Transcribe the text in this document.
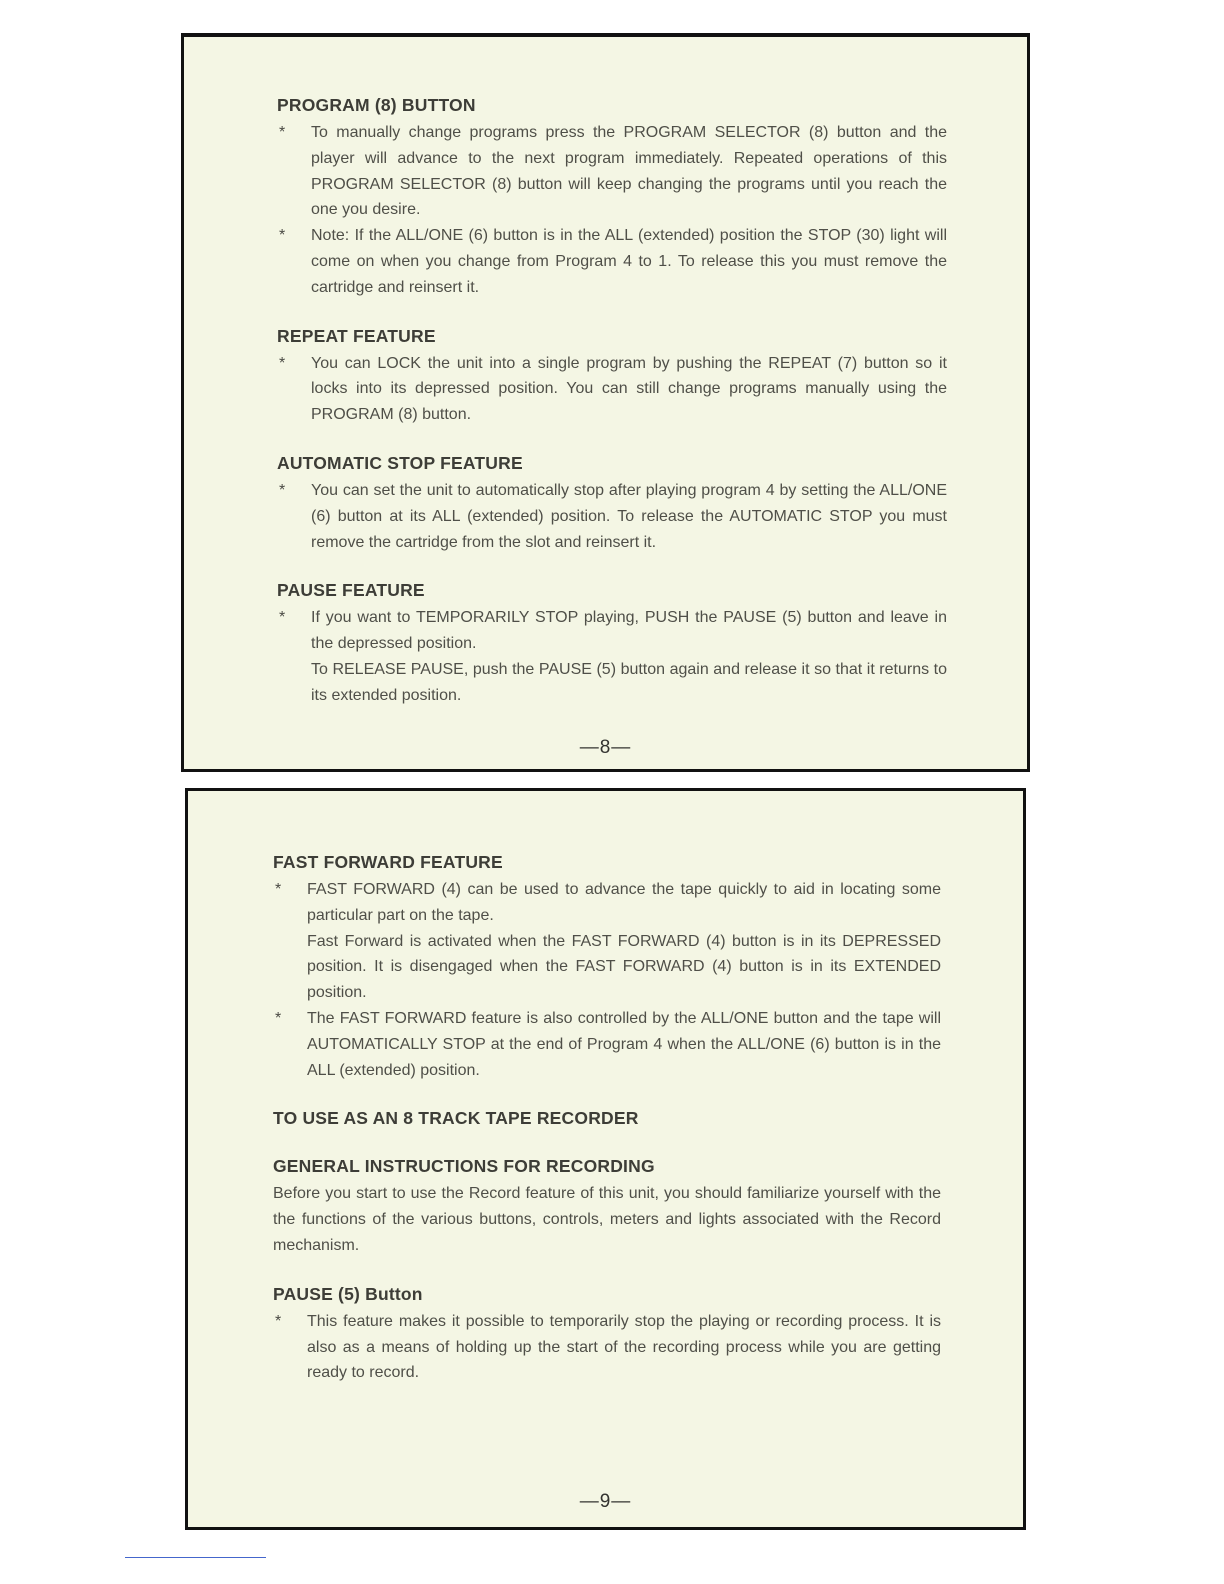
PROGRAM (8) BUTTON
* To manually change programs press the PROGRAM SELECTOR (8) button and the player will advance to the next program immediately. Repeated operations of this PROGRAM SELECTOR (8) button will keep changing the programs until you reach the one you desire.

* Note: If the ALL/ONE (6) button is in the ALL (extended) position the STOP (30) light will come on when you change from Program 4 to 1. To release this you must remove the cartridge and reinsert it.

REPEAT FEATURE
* You can LOCK the unit into a single program by pushing the REPEAT (7) button so it locks into its depressed position. You can still change programs manually using the PROGRAM (8) button.

AUTOMATIC STOP FEATURE
* You can set the unit to automatically stop after playing program 4 by setting the ALL/ONE (6) button at its ALL (extended) position. To release the AUTOMATIC STOP you must remove the cartridge from the slot and reinsert it.

PAUSE FEATURE
* If you want to TEMPORARILY STOP playing, PUSH the PAUSE (5) button and leave in the depressed position.

To RELEASE PAUSE, push the PAUSE (5) button again and release it so that it returns to its extended position.

—8—
FAST FORWARD FEATURE
* FAST FORWARD (4) can be used to advance the tape quickly to aid in locating some particular part on the tape.

Fast Forward is activated when the FAST FORWARD (4) button is in its DEPRESSED position. It is disengaged when the FAST FORWARD (4) button is in its EXTENDED position.

* The FAST FORWARD feature is also controlled by the ALL/ONE button and the tape will AUTOMATICALLY STOP at the end of Program 4 when the ALL/ONE (6) button is in the ALL (extended) position.

TO USE AS AN 8 TRACK TAPE RECORDER
GENERAL INSTRUCTIONS FOR RECORDING

Before you start to use the Record feature of this unit, you should familiarize yourself with the the functions of the various buttons, controls, meters and lights associated with the Record mechanism.

PAUSE (5) Button
* This feature makes it possible to temporarily stop the playing or recording process. It is also as a means of holding up the start of the recording process while you are getting ready to record.

—9—
